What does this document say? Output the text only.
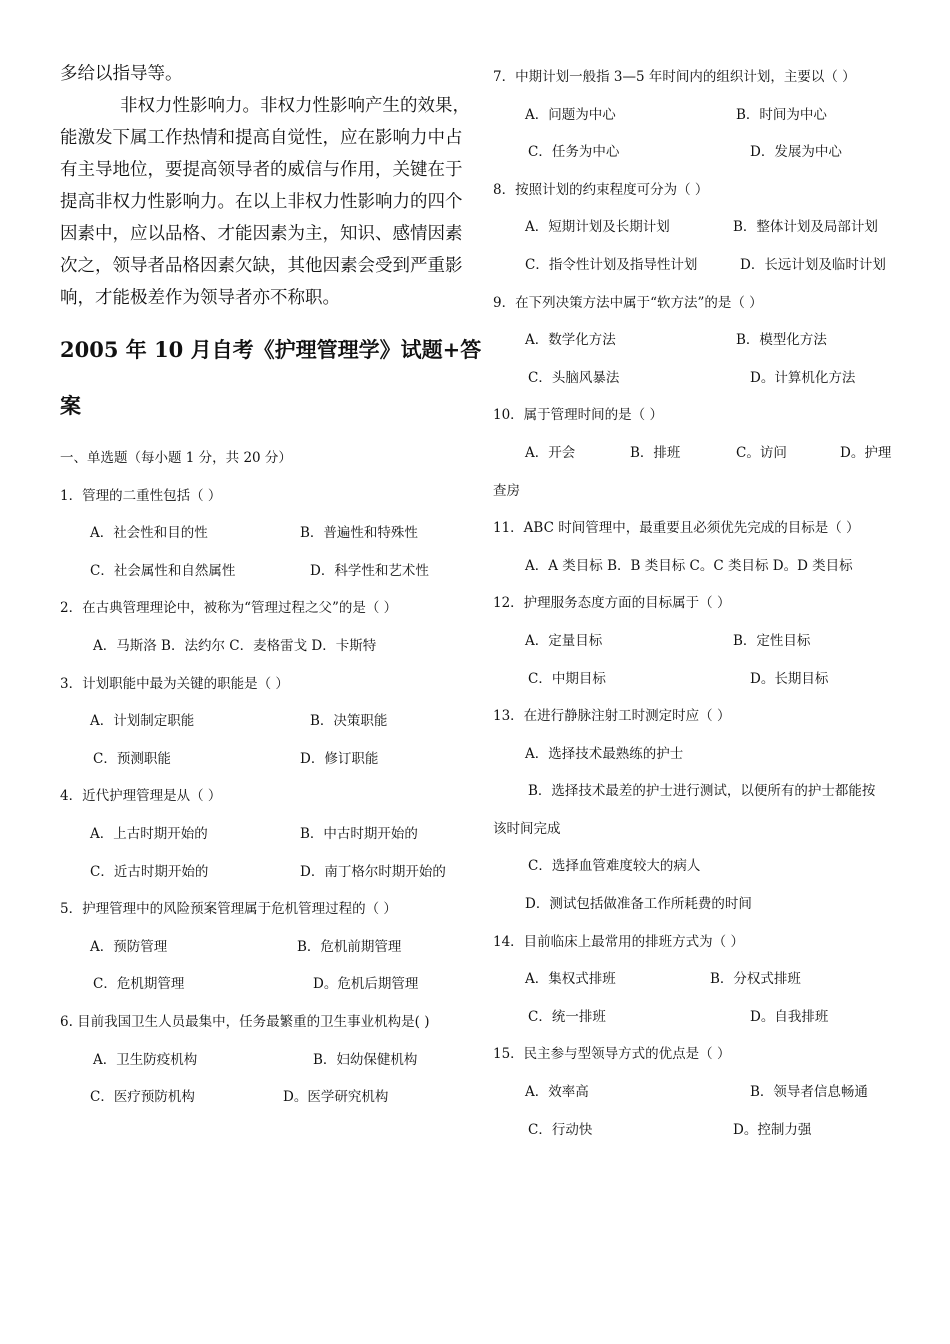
多给以指导等。
非权力性影响力。非权力性影响产生的效果，
能激发下属工作热情和提高自觉性，应在影响力中占
有主导地位，要提高领导者的威信与作用，关键在于
提高非权力性影响力。在以上非权力性影响力的四个
因素中，应以品格、才能因素为主，知识、感情因素
次之，领导者品格因素欠缺，其他因素会受到严重影
响，才能极差作为领导者亦不称职。
2005 年 10 月自考《护理管理学》试题+答
案
一、单选题（每小题 1 分，共 20 分）
1．管理的二重性包括（ ）
A．社会性和目的性	B．普遍性和特殊性
C．社会属性和自然属性	D．科学性和艺术性
2．在古典管理理论中，被称为“管理过程之父”的是（ ）
A．马斯洛 B．法约尔 C．麦格雷戈 D．卡斯特
3．计划职能中最为关键的职能是（ ）
A．计划制定职能	B．决策职能
C．预测职能	D．修订职能
4．近代护理管理是从（ ）
A．上古时期开始的	B．中古时期开始的
C．近古时期开始的	D．南丁格尔时期开始的
5．护理管理中的风险预案管理属于危机管理过程的（ ）
A．预防管理	B．危机前期管理
C．危机期管理	D。危机后期管理
6. 目前我国卫生人员最集中，任务最繁重的卫生事业机构是( )
A．卫生防疫机构	B．妇幼保健机构
C．医疗预防机构	D。医学研究机构
7．中期计划一般指 3—5 年时间内的组织计划，主要以（ ）
A．问题为中心	B．时间为中心
C．任务为中心	D．发展为中心
8．按照计划的约束程度可分为（ ）
A．短期计划及长期计划	B．整体计划及局部计划
C．指令性计划及指导性计划	D．长远计划及临时计划
9．在下列决策方法中属于“软方法”的是（ ）
A．数学化方法	B．模型化方法
C．头脑风暴法	D。计算机化方法
10．属于管理时间的是（ ）
A．开会	B．排班	C。访问	D。护理
查房
11．ABC 时间管理中，最重要且必须优先完成的目标是（ ）
A．A 类目标 B．B 类目标 C。C 类目标 D。D 类目标
12．护理服务态度方面的目标属于（ ）
A．定量目标	B．定性目标
C．中期目标	D。长期目标
13．在进行静脉注射工时测定时应（ ）
A．选择技术最熟练的护士
B．选择技术最差的护士进行测试，以便所有的护士都能按
该时间完成
C．选择血管难度较大的病人
D．测试包括做准备工作所耗费的时间
14．目前临床上最常用的排班方式为（ ）
A．集权式排班	B．分权式排班
C．统一排班	D。自我排班
15．民主参与型领导方式的优点是（ ）
A．效率高	B．领导者信息畅通
C．行动快	D。控制力强
